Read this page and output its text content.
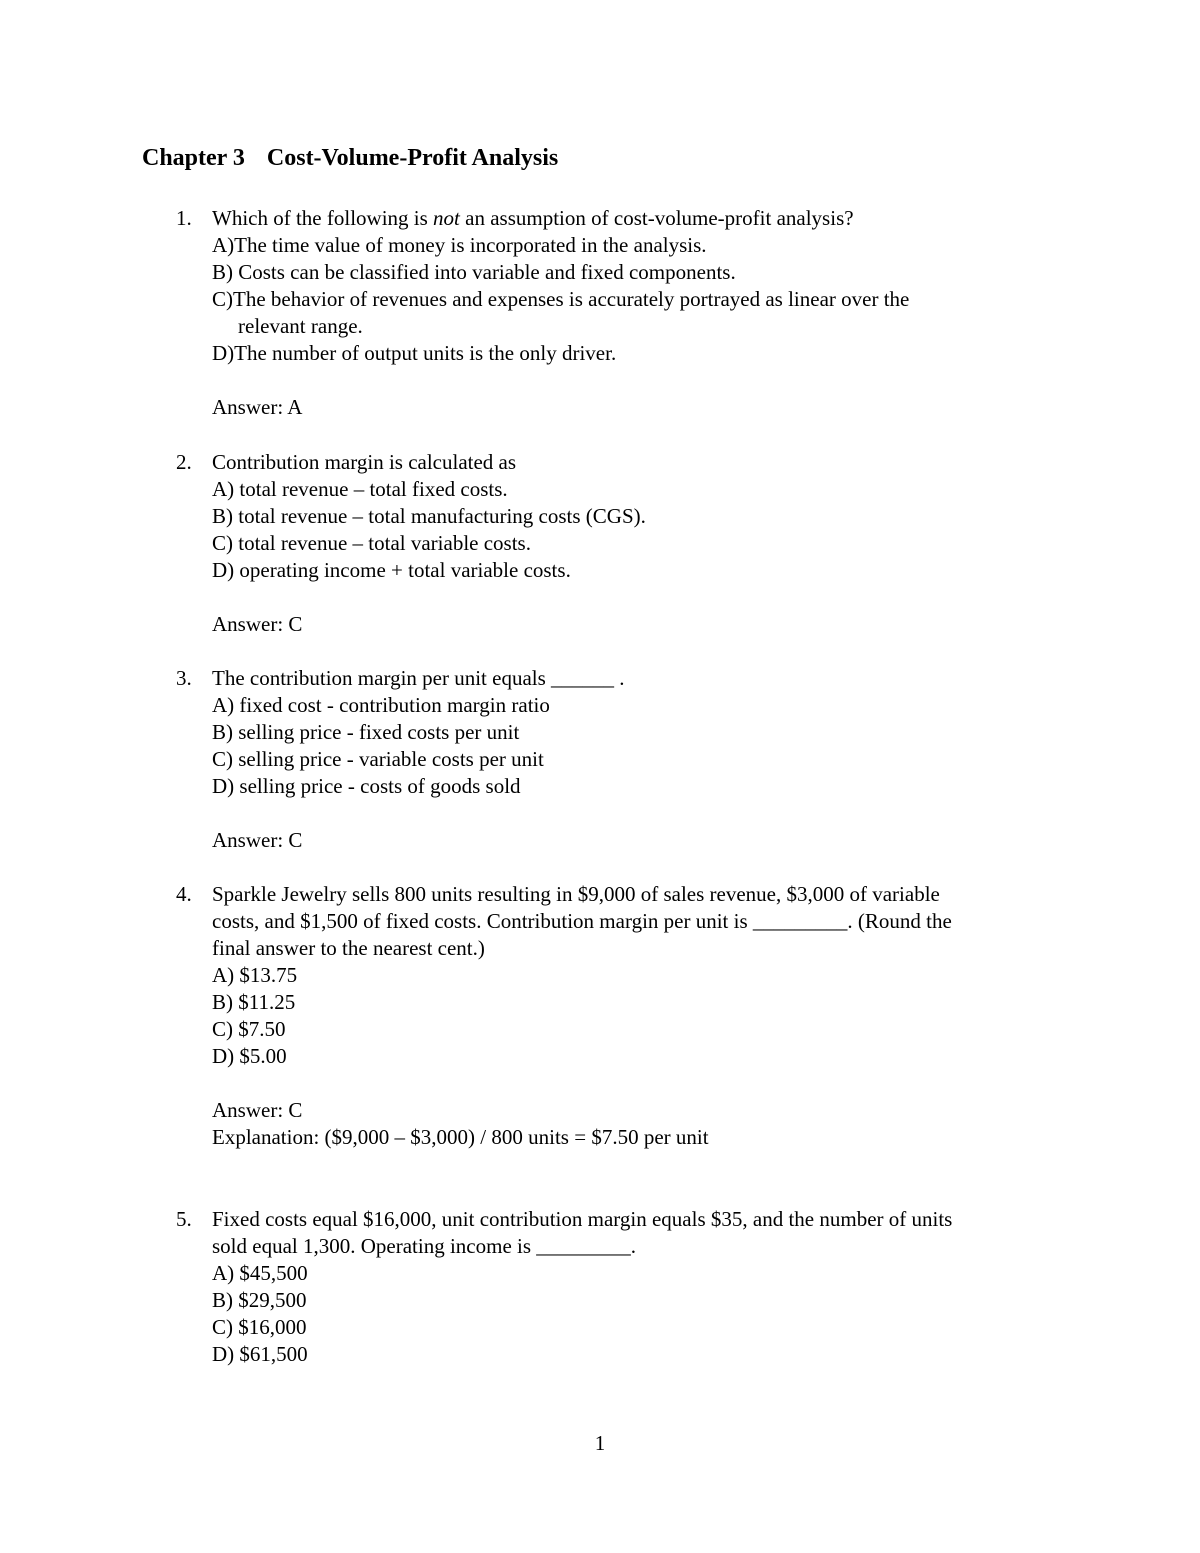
Chapter 3 Cost-Volume-Profit Analysis
1. Which of the following is not an assumption of cost-volume-profit analysis?
A)The time value of money is incorporated in the analysis.
B) Costs can be classified into variable and fixed components.
C)The behavior of revenues and expenses is accurately portrayed as linear over the
relevant range.
D)The number of output units is the only driver.
Answer: A
2. Contribution margin is calculated as
A) total revenue – total fixed costs.
B) total revenue – total manufacturing costs (CGS).
C) total revenue – total variable costs.
D) operating income + total variable costs.
Answer: C
3. The contribution margin per unit equals ______ .
A) fixed cost - contribution margin ratio
B) selling price - fixed costs per unit
C) selling price - variable costs per unit
D) selling price - costs of goods sold
Answer: C
4. Sparkle Jewelry sells 800 units resulting in $9,000 of sales revenue, $3,000 of variable
costs, and $1,500 of fixed costs. Contribution margin per unit is _________. (Round the
final answer to the nearest cent.)
A) $13.75
B) $11.25
C) $7.50
D) $5.00
Answer: C
Explanation: ($9,000 – $3,000) / 800 units = $7.50 per unit
5. Fixed costs equal $16,000, unit contribution margin equals $35, and the number of units
sold equal 1,300. Operating income is _________.
A) $45,500
B) $29,500
C) $16,000
D) $61,500
1
